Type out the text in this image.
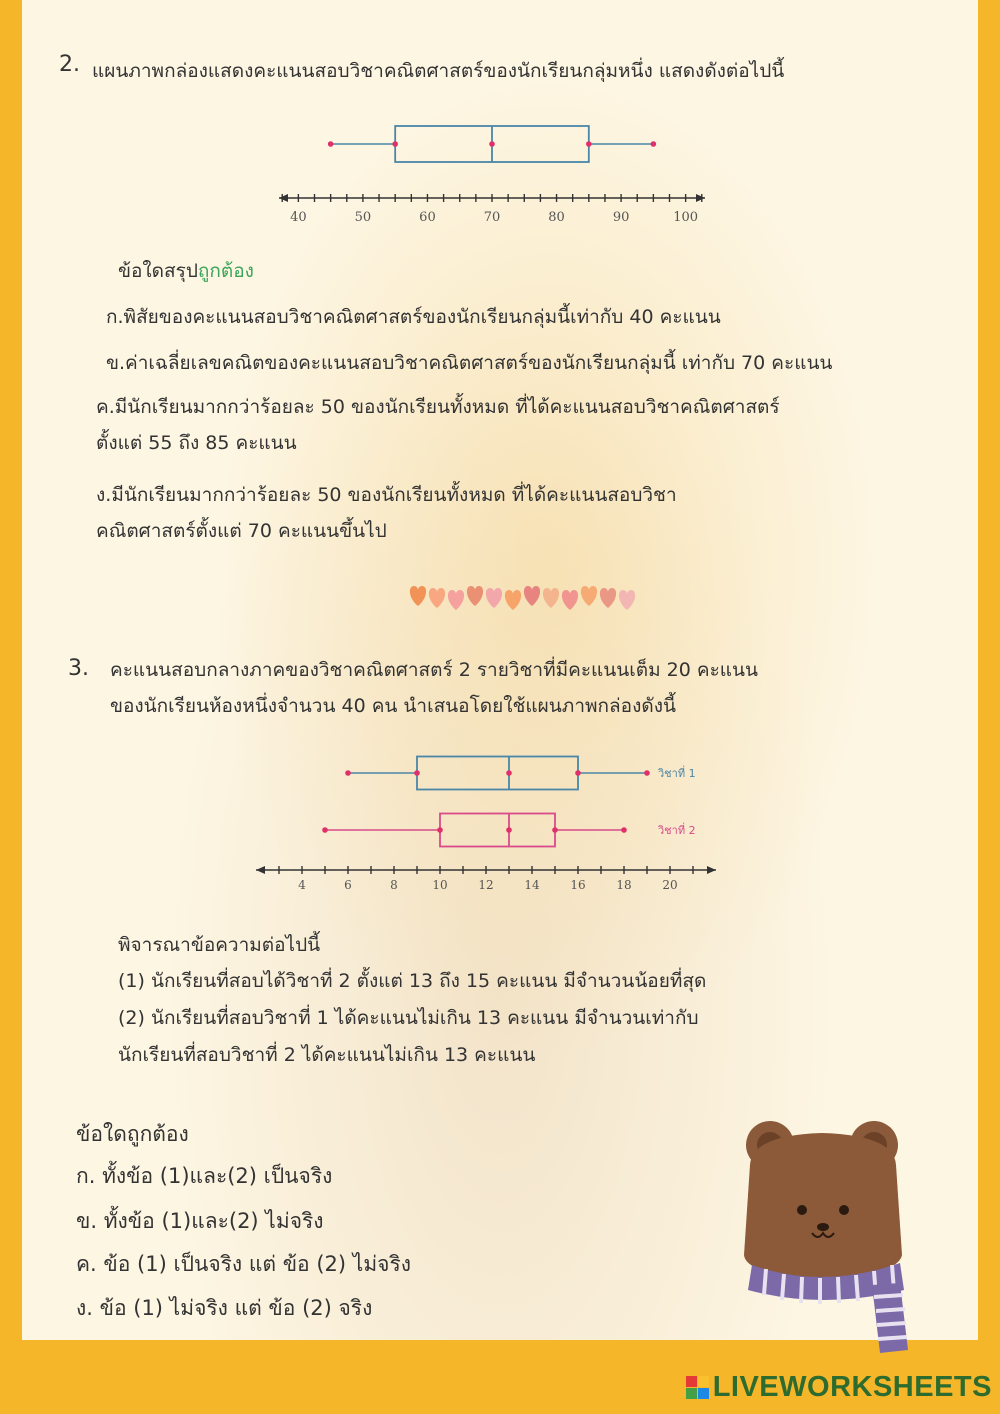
2. แผนภาพกล่องแสดงคะแนนสอบวิชาคณิตศาสตร์ของนักเรียนกลุ่มหนึ่ง แสดงดังต่อไปนี้
40	50	60	70	80	90	100
ข้อใดสรุปถูกต้อง
ก.พิสัยของคะแนนสอบวิชาคณิตศาสตร์ของนักเรียนกลุ่มนี้เท่ากับ 40 คะแนน
ข.ค่าเฉลี่ยเลขคณิตของคะแนนสอบวิชาคณิตศาสตร์ของนักเรียนกลุ่มนี้ เท่ากับ 70 คะแนน
ค.มีนักเรียนมากกว่าร้อยละ 50 ของนักเรียนทั้งหมด ที่ได้คะแนนสอบวิชาคณิตศาสตร์
ตั้งแต่ 55 ถึง 85 คะแนน
ง.มีนักเรียนมากกว่าร้อยละ 50 ของนักเรียนทั้งหมด ที่ได้คะแนนสอบวิชา
คณิตศาสตร์ตั้งแต่ 70 คะแนนขึ้นไป
3. คะแนนสอบกลางภาคของวิชาคณิตศาสตร์ 2 รายวิชาที่มีคะแนนเต็ม 20 คะแนน
ของนักเรียนห้องหนึ่งจำนวน 40 คน นำเสนอโดยใช้แผนภาพกล่องดังนี้
4	6	8	10	12	14	16	18	20
วิชาที่ 1
วิชาที่ 2
พิจารณาข้อความต่อไปนี้
(1) นักเรียนที่สอบได้วิชาที่ 2 ตั้งแต่ 13 ถึง 15 คะแนน มีจำนวนน้อยที่สุด
(2) นักเรียนที่สอบวิชาที่ 1 ได้คะแนนไม่เกิน 13 คะแนน มีจำนวนเท่ากับ
นักเรียนที่สอบวิชาที่ 2 ได้คะแนนไม่เกิน 13 คะแนน
ข้อใดถูกต้อง
ก. ทั้งข้อ (1)และ(2) เป็นจริง
ข. ทั้งข้อ (1)และ(2) ไม่จริง
ค. ข้อ (1) เป็นจริง แต่ ข้อ (2) ไม่จริง
ง. ข้อ (1) ไม่จริง แต่ ข้อ (2) จริง
LIVEWORKSHEETS
